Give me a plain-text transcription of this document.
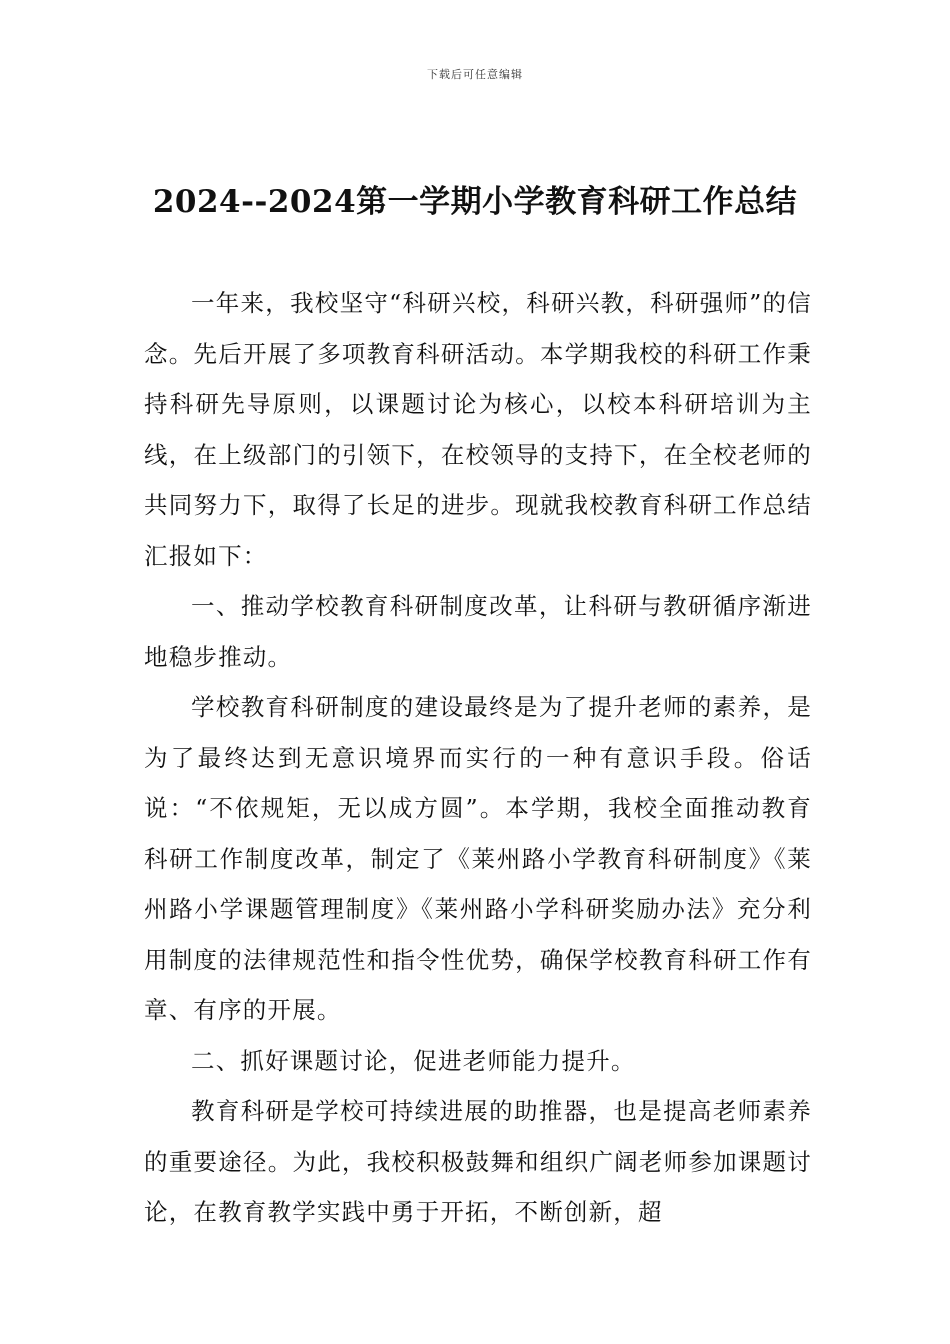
下载后可任意编辑
2024--2024第一学期小学教育科研工作总结

一年来，我校坚守“科研兴校，科研兴教，科研强师”的信念。先后开展了多项教育科研活动。本学期我校的科研工作秉持科研先导原则，以课题讨论为核心，以校本科研培训为主线，在上级部门的引领下，在校领导的支持下，在全校老师的共同努力下，取得了长足的进步。现就我校教育科研工作总结汇报如下：

一、推动学校教育科研制度改革，让科研与教研循序渐进地稳步推动。

学校教育科研制度的建设最终是为了提升老师的素养，是为了最终达到无意识境界而实行的一种有意识手段。俗话说：“不依规矩，无以成方圆”。本学期，我校全面推动教育科研工作制度改革，制定了《莱州路小学教育科研制度》《莱州路小学课题管理制度》《莱州路小学科研奖励办法》充分利用制度的法律规范性和指令性优势，确保学校教育科研工作有章、有序的开展。

二、抓好课题讨论，促进老师能力提升。

教育科研是学校可持续进展的助推器，也是提高老师素养的重要途径。为此，我校积极鼓舞和组织广阔老师参加课题讨论，在教育教学实践中勇于开拓，不断创新，超
